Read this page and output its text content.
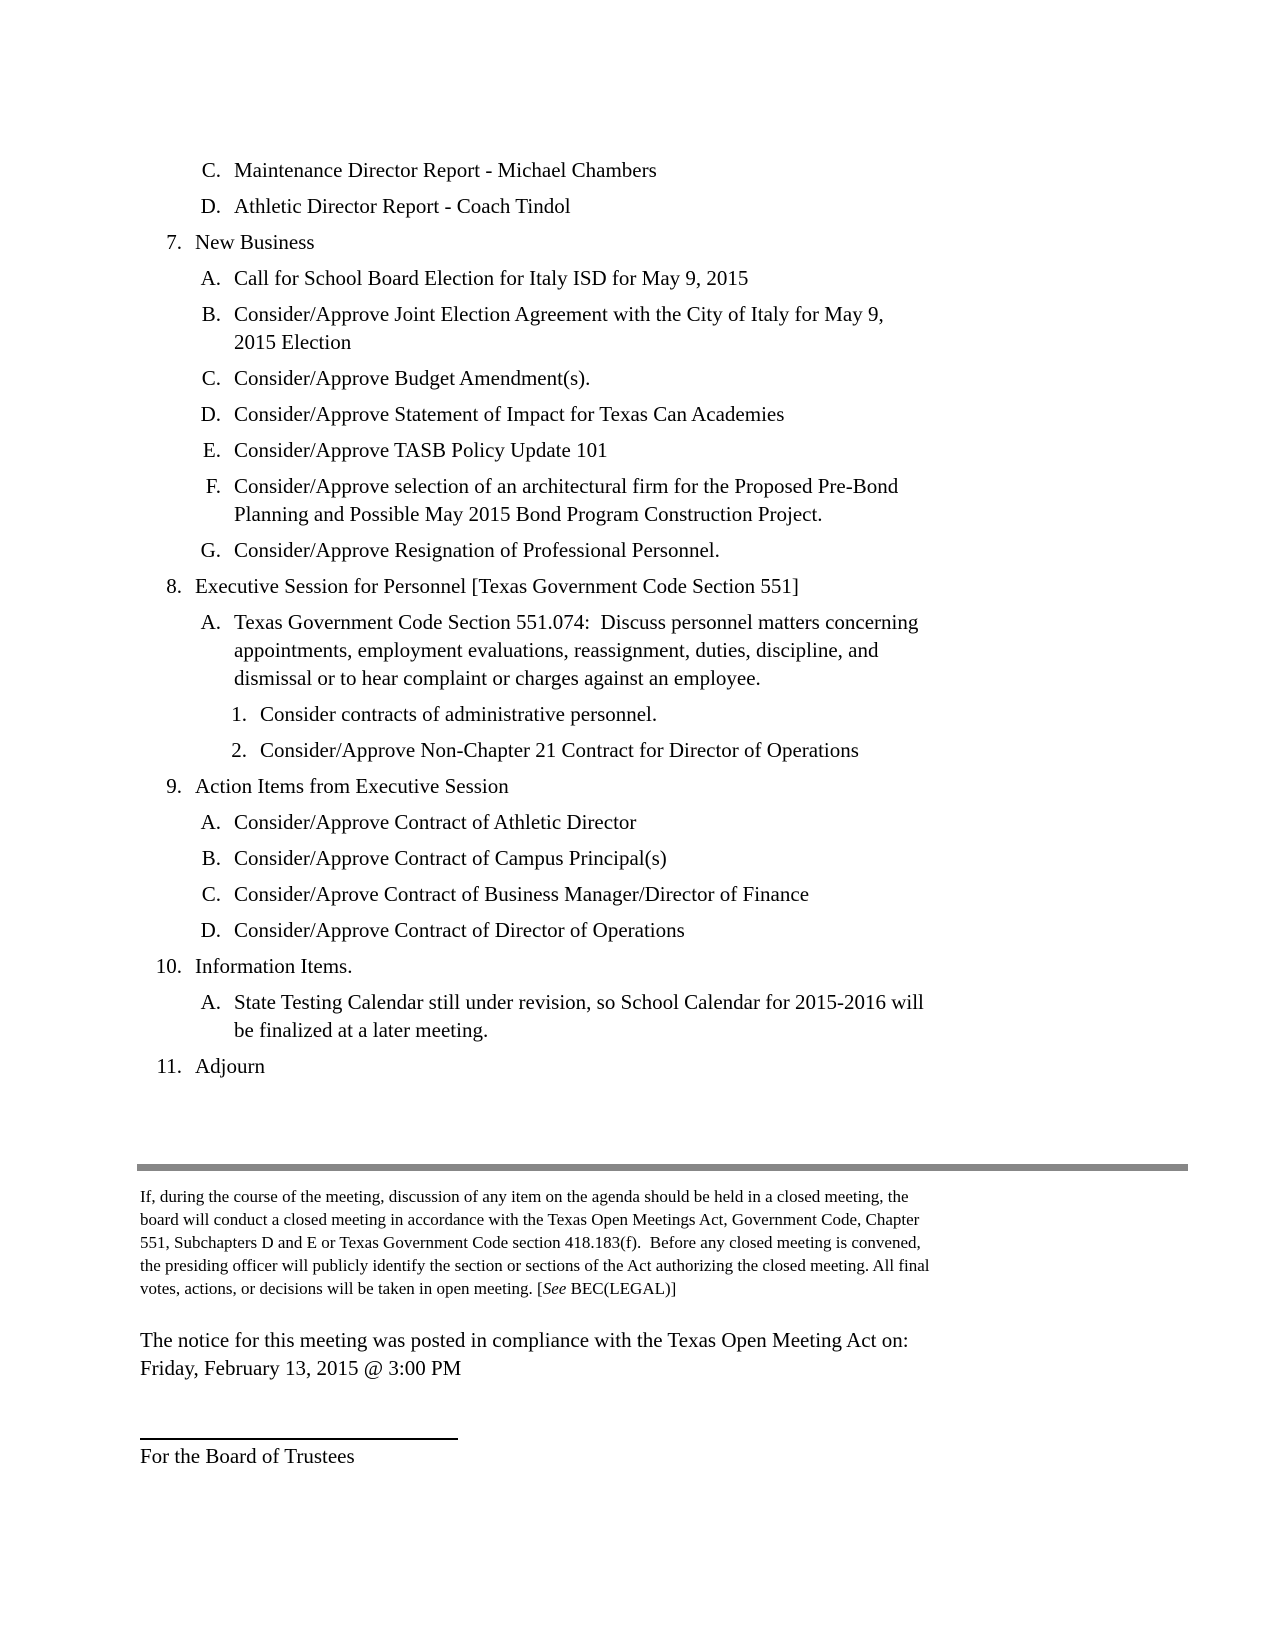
C. Maintenance Director Report - Michael Chambers
D. Athletic Director Report - Coach Tindol
7. New Business
A. Call for School Board Election for Italy ISD for May 9, 2015
B. Consider/Approve Joint Election Agreement with the City of Italy for May 9,
2015 Election
C. Consider/Approve Budget Amendment(s).
D. Consider/Approve Statement of Impact for Texas Can Academies
E. Consider/Approve TASB Policy Update 101
F. Consider/Approve selection of an architectural firm for the Proposed Pre-Bond
Planning and Possible May 2015 Bond Program Construction Project.
G. Consider/Approve Resignation of Professional Personnel.
8. Executive Session for Personnel [Texas Government Code Section 551]
A. Texas Government Code Section 551.074:  Discuss personnel matters concerning
appointments, employment evaluations, reassignment, duties, discipline, and
dismissal or to hear complaint or charges against an employee.
1. Consider contracts of administrative personnel.
2. Consider/Approve Non-Chapter 21 Contract for Director of Operations
9. Action Items from Executive Session
A. Consider/Approve Contract of Athletic Director
B. Consider/Approve Contract of Campus Principal(s)
C. Consider/Aprove Contract of Business Manager/Director of Finance
D. Consider/Approve Contract of Director of Operations
10. Information Items.
A. State Testing Calendar still under revision, so School Calendar for 2015-2016 will
be finalized at a later meeting.
11. Adjourn

If, during the course of the meeting, discussion of any item on the agenda should be held in a closed meeting, the
board will conduct a closed meeting in accordance with the Texas Open Meetings Act, Government Code, Chapter
551, Subchapters D and E or Texas Government Code section 418.183(f).  Before any closed meeting is convened,
the presiding officer will publicly identify the section or sections of the Act authorizing the closed meeting. All final
votes, actions, or decisions will be taken in open meeting. [See BEC(LEGAL)]

The notice for this meeting was posted in compliance with the Texas Open Meeting Act on:
Friday, February 13, 2015 @ 3:00 PM

For the Board of Trustees
